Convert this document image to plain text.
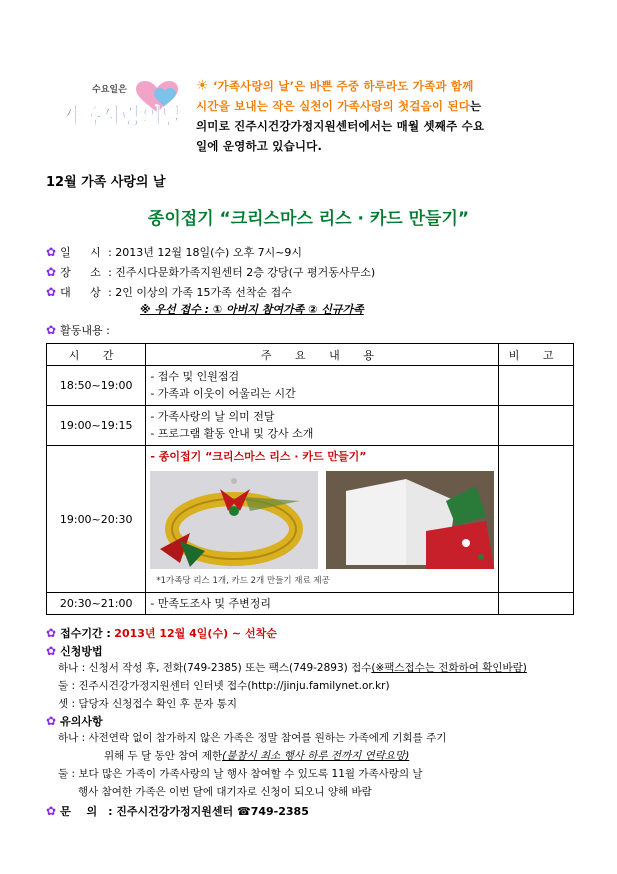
수요일은
가족사랑의날
☀ ‘가족사랑의 날’은 바쁜 주중 하루라도 가족과 함께
시간을 보내는 작은 실천이 가족사랑의 첫걸음이 된다는
의미로 진주시건강가정지원센터에서는 매월 셋째주 수요
일에 운영하고 있습니다.
12월 가족 사랑의 날
종이접기 “크리스마스 리스 · 카드 만들기”
✿ 일 시: 2013년 12월 18일(수) 오후 7시~9시
✿ 장 소: 진주시다문화가족지원센터 2층 강당(구 평거동사무소)
✿ 대 상: 2인 이상의 가족 15가족 선착순 접수
※ 우선 접수 : ① 아버지 참여가족 ② 신규가족
✿ 활동내용 :
시 간	주 요 내 용	비 고
18:50~19:00	- 접수 및 인원점검
- 가족과 이웃이 어울리는 시간	

19:00~19:15	- 가족사랑의 날 의미 전달
- 프로그램 활동 안내 및 강사 소개	

19:00~20:30	- 종이접기 “크리스마스 리스 · 카드 만들기”
*1가족당 리스 1개, 카드 2개 만들기 재료 제공	

20:30~21:00	- 만족도조사 및 주변정리	

✿ 접수기간 : 2013년 12월 4일(수) ~ 선착순
✿ 신청방법
하나 : 신청서 작성 후, 전화(749-2385) 또는 팩스(749-2893) 접수(※팩스접수는 전화하여 확인바람)
둘 : 진주시건강가정지원센터 인터넷 접수(http://jinju.familynet.or.kr)
셋 : 담당자 신청접수 확인 후 문자 통지
✿ 유의사항
하나 : 사전연락 없이 참가하지 않은 가족은 정말 참여를 원하는 가족에게 기회를 주기
위해 두 달 동안 참여 제한(불참시 최소 행사 하루 전까지 연락요망)
둘 : 보다 많은 가족이 가족사랑의 날 행사 참여할 수 있도록 11월 가족사랑의 날
행사 참여한 가족은 이번 달에 대기자로 신청이 되오니 양해 바람
✿ 문 의 : 진주시건강가정지원센터 ☎749-2385
